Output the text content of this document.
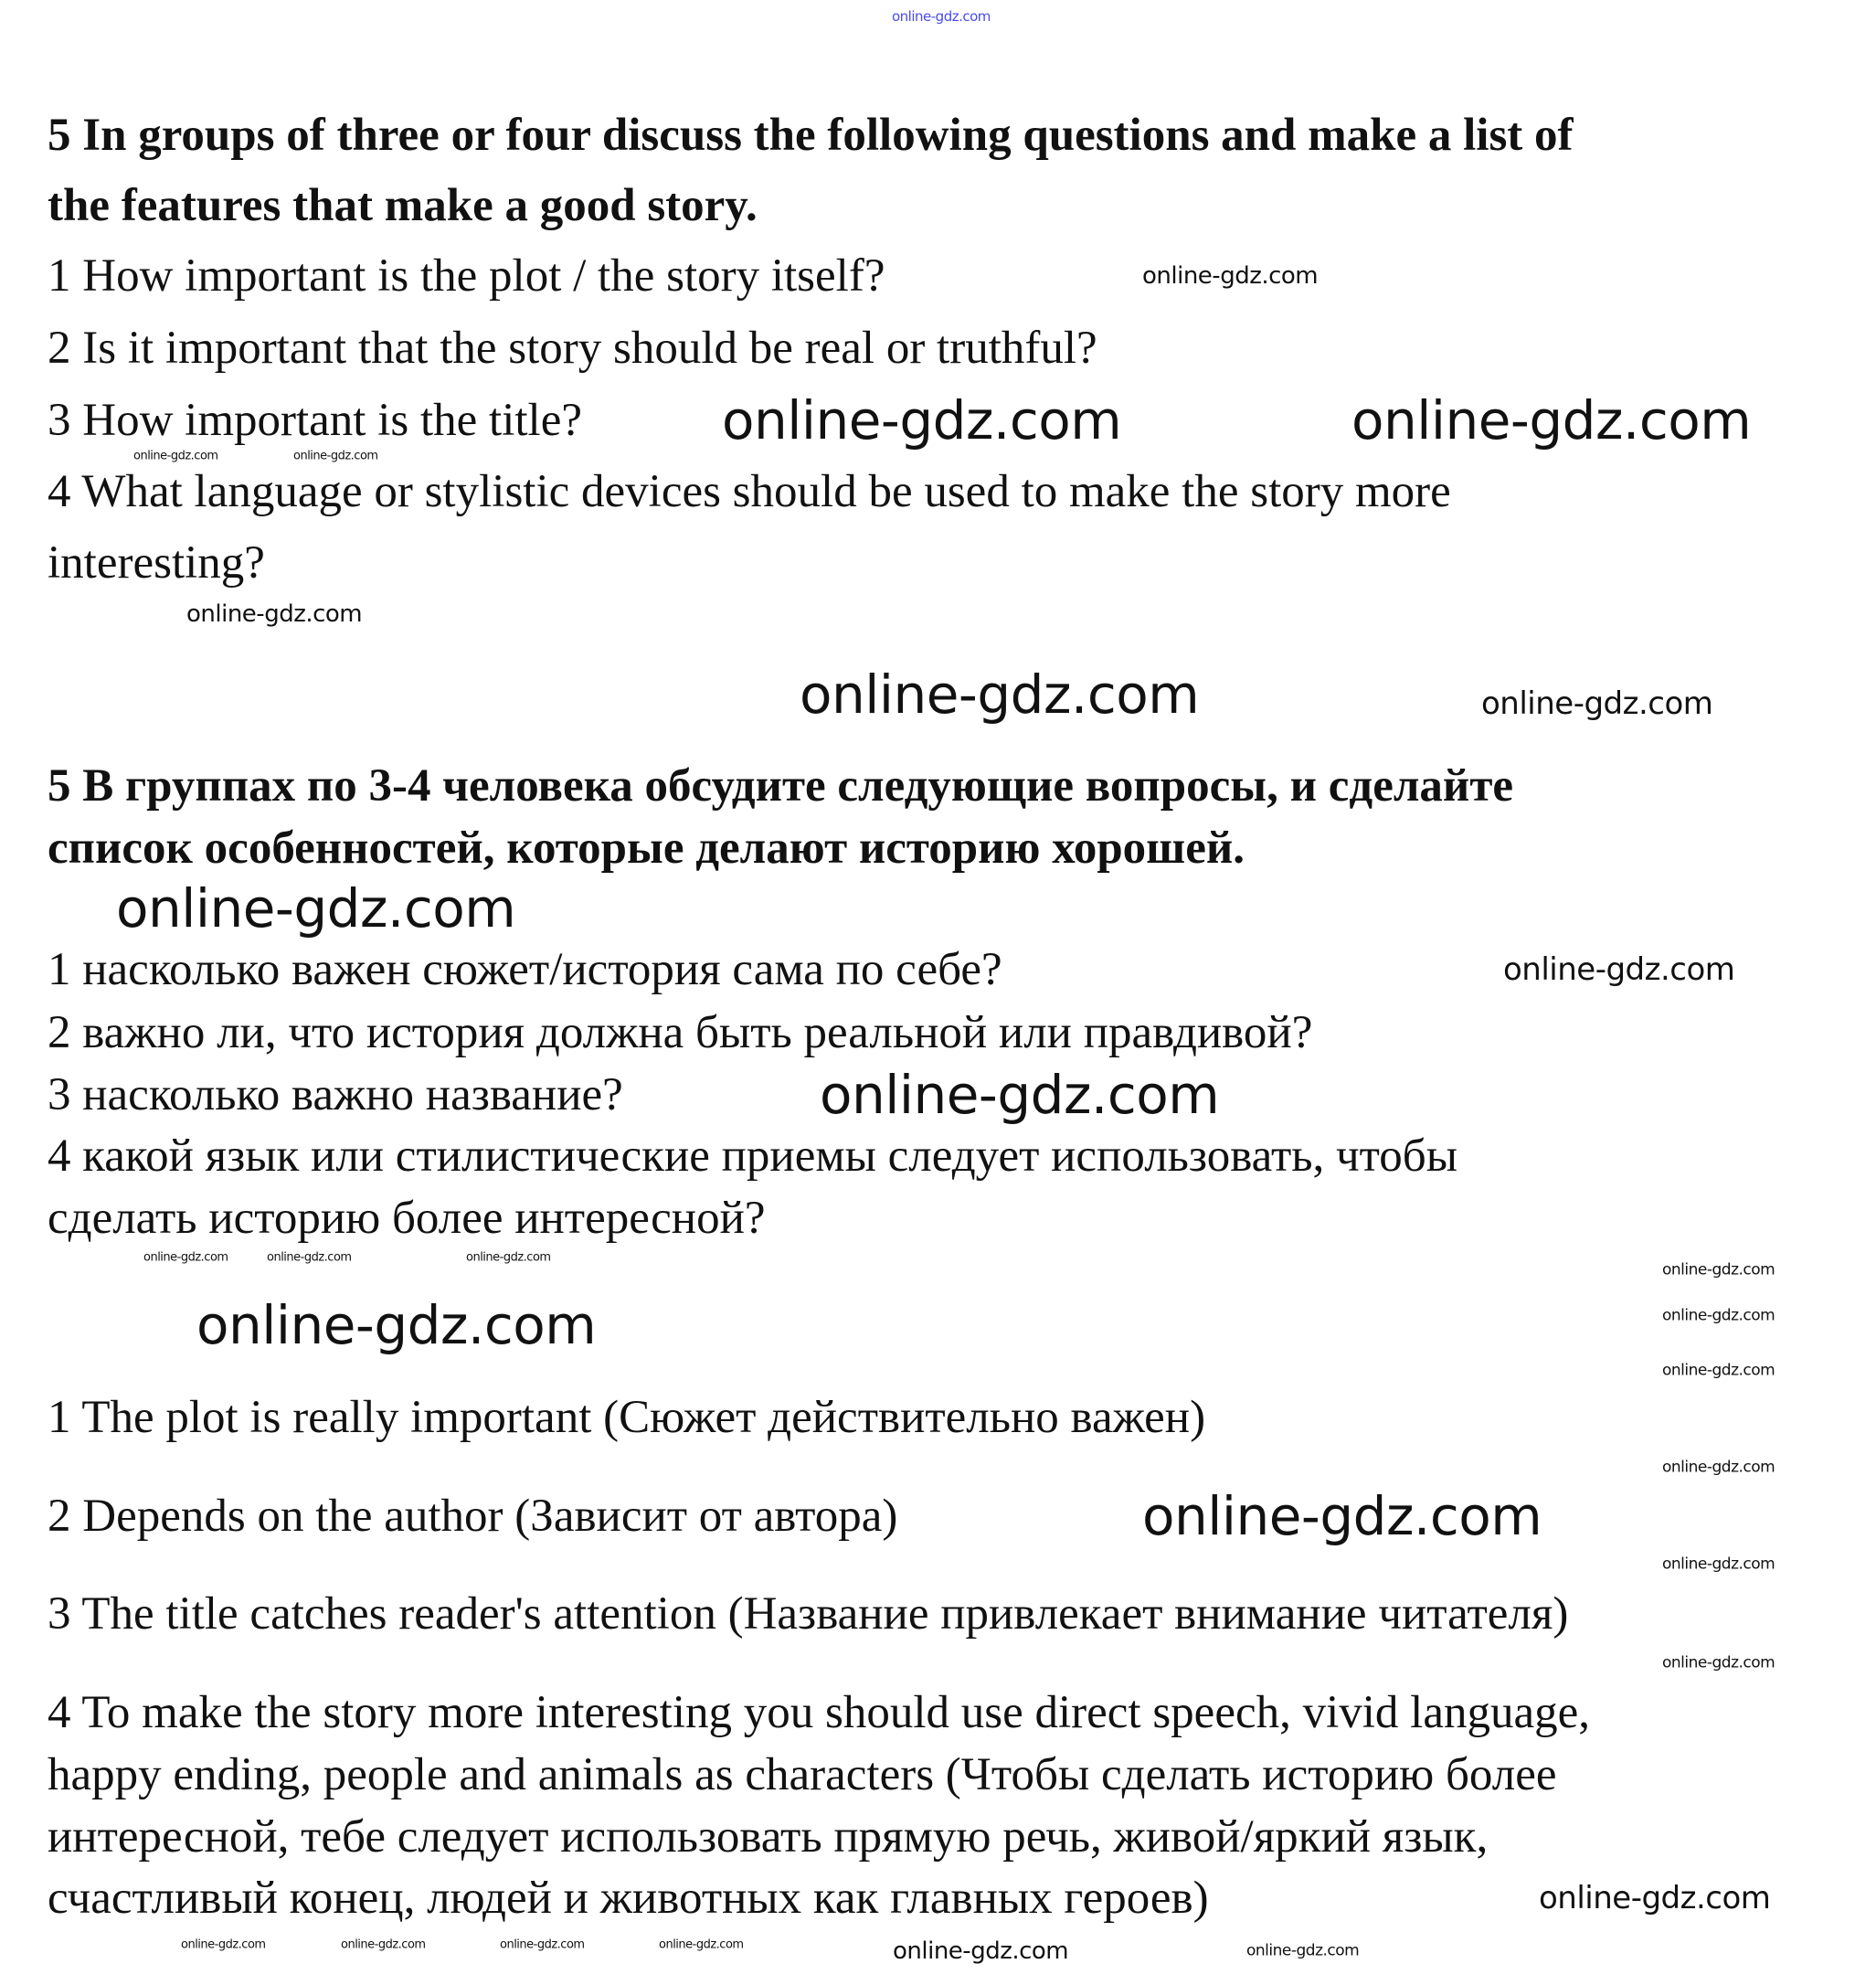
5 In groups of three or four discuss the following questions and make a list of
the features that make a good story.
1 How important is the plot / the story itself?
2 Is it important that the story should be real or truthful?
3 How important is the title?
4 What language or stylistic devices should be used to make the story more
interesting?
5 В группах по 3-4 человека обсудите следующие вопросы, и сделайте
список особенностей, которые делают историю хорошей.
1 насколько важен сюжет/история сама по себе?
2 важно ли, что история должна быть реальной или правдивой?
3 насколько важно название?
4 какой язык или стилистические приемы следует использовать, чтобы
сделать историю более интересной?
1 The plot is really important (Сюжет действительно важен)
2 Depends on the author (Зависит от автора)
3 The title catches reader's attention (Название привлекает внимание читателя)
4 To make the story more interesting you should use direct speech, vivid language,
happy ending, people and animals as characters (Чтобы сделать историю более
интересной, тебе следует использовать прямую речь, живой/яркий язык,
счастливый конец, людей и животных как главных героев)
online-gdz.com
online-gdz.com
online-gdz.com	online-gdz.com
online-gdz.com	online-gdz.com
online-gdz.com
online-gdz.com	online-gdz.com
online-gdz.com
online-gdz.com
online-gdz.com
online-gdz.com
online-gdz.com	online-gdz.com	online-gdz.com
online-gdz.com
online-gdz.com
online-gdz.com
online-gdz.com
online-gdz.com
online-gdz.com
online-gdz.com
online-gdz.com	online-gdz.com
online-gdz.com	online-gdz.com	online-gdz.com	online-gdz.com
online-gdz.com
